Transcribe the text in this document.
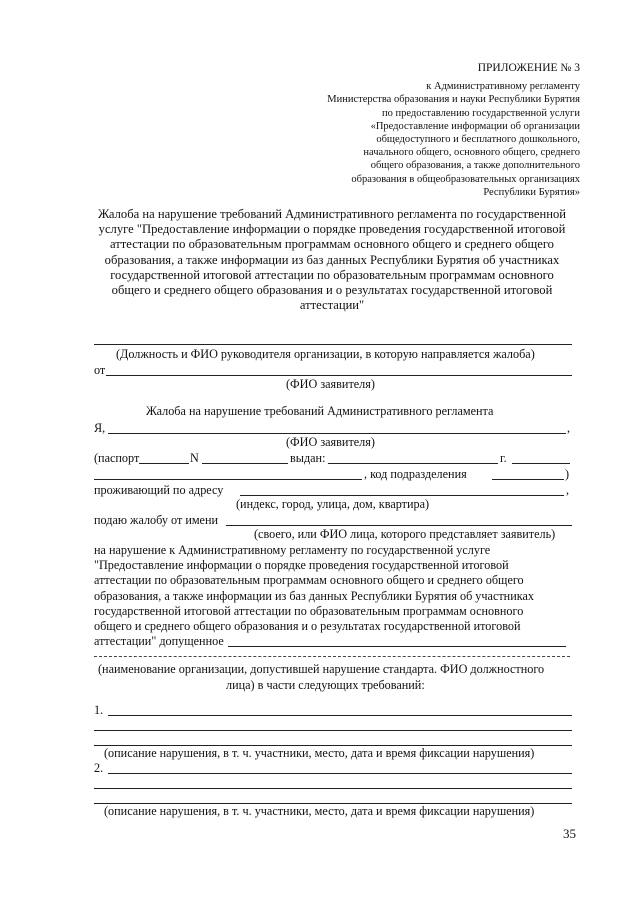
ПРИЛОЖЕНИЕ № 3
к Административному регламенту
Министерства образования и науки Республики Бурятия
по предоставлению государственной услуги
«Предоставление информации об организации
общедоступного и бесплатного дошкольного,
начального общего, основного общего, среднего
общего образования, а также дополнительного
образования в общеобразовательных организациях
Республики Бурятия»
Жалоба на нарушение требований Административного регламента по государственной
услуге "Предоставление информации о порядке проведения государственной итоговой
аттестации по образовательным программам основного общего и среднего общего
образования, а также информации из баз данных Республики Бурятия об участниках
государственной итоговой аттестации по образовательным программам основного
общего и среднего общего образования и о результатах государственной итоговой
аттестации"
(Должность и ФИО руководителя организации, в которую направляется жалоба)
от
(ФИО заявителя)
Жалоба на нарушение требований Административного регламента
Я,	,
(ФИО заявителя)
(паспорт	N	выдан:	г.
, код подразделения	)
проживающий по адресу	,
(индекс, город, улица, дом, квартира)
подаю жалобу от имени
(своего, или ФИО лица, которого представляет заявитель)
на нарушение к Административному регламенту по государственной услуге
"Предоставление информации о порядке проведения государственной итоговой
аттестации по образовательным программам основного общего и среднего общего
образования, а также информации из баз данных Республики Бурятия об участниках
государственной итоговой аттестации по образовательным программам основного
общего и среднего общего образования и о результатах государственной итоговой
аттестации" допущенное
(наименование организации, допустившей нарушение стандарта. ФИО должностного
лица) в части следующих требований:
1.
(описание нарушения, в т. ч. участники, место, дата и время фиксации нарушения)
2.
(описание нарушения, в т. ч. участники, место, дата и время фиксации нарушения)
35
